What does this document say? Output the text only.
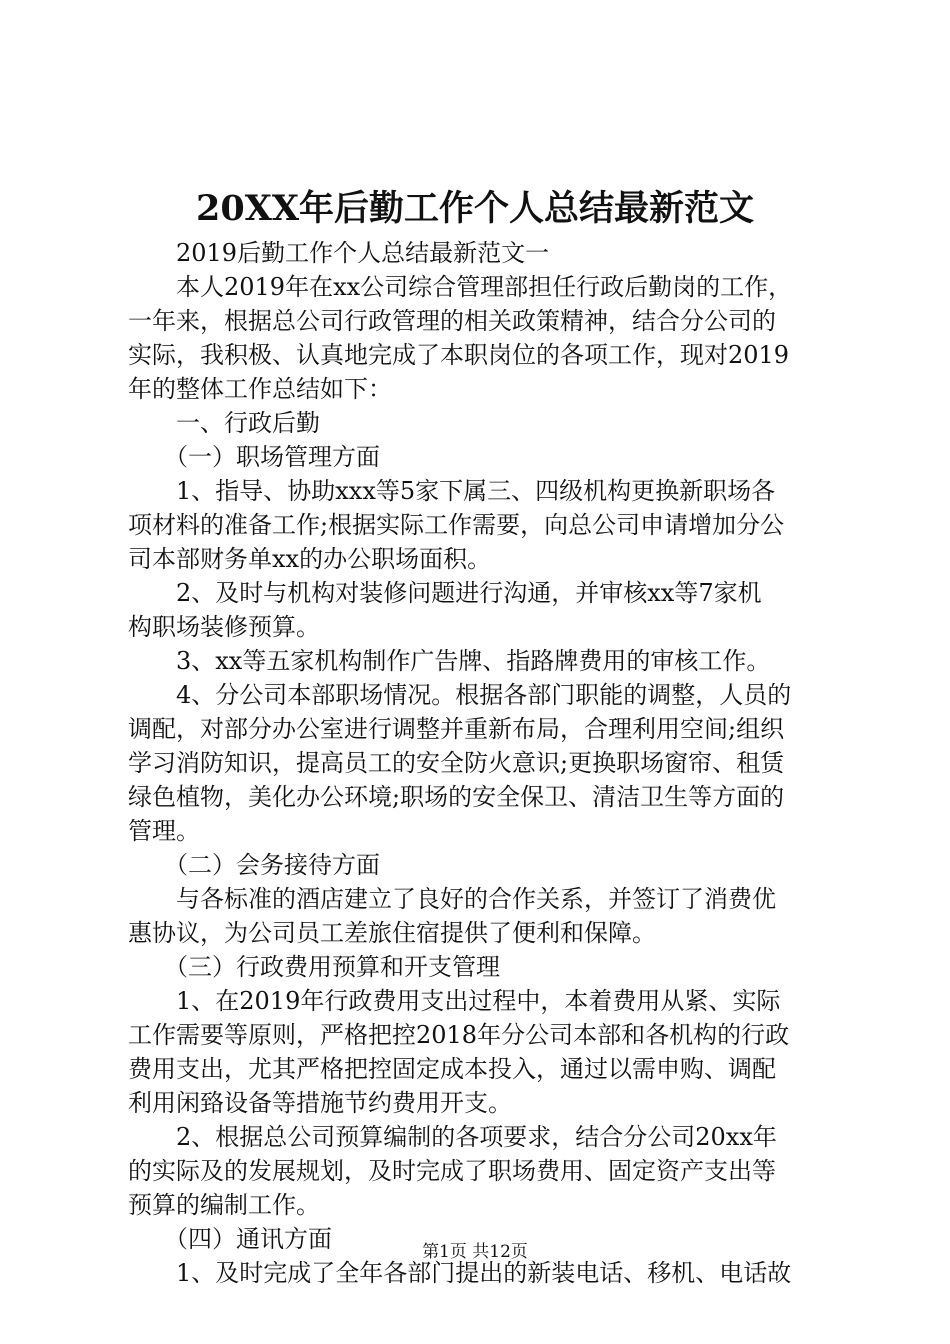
20XX年后勤工作个人总结最新范文
　　2019后勤工作个人总结最新范文一
　　本人2019年在xx公司综合管理部担任行政后勤岗的工作，
一年来，根据总公司行政管理的相关政策精神，结合分公司的
实际，我积极、认真地完成了本职岗位的各项工作，现对2019
年的整体工作总结如下：
　　一、行政后勤
　　（一）职场管理方面
　　1、指导、协助xxx等5家下属三、四级机构更换新职场各
项材料的准备工作;根据实际工作需要，向总公司申请增加分公
司本部财务单xx的办公职场面积。
　　2、及时与机构对装修问题进行沟通，并审核xx等7家机
构职场装修预算。
　　3、xx等五家机构制作广告牌、指路牌费用的审核工作。
　　4、分公司本部职场情况。根据各部门职能的调整，人员的
调配，对部分办公室进行调整并重新布局，合理利用空间;组织
学习消防知识，提高员工的安全防火意识;更换职场窗帘、租赁
绿色植物，美化办公环境;职场的安全保卫、清洁卫生等方面的
管理。
　　（二）会务接待方面
　　与各标准的酒店建立了良好的合作关系，并签订了消费优
惠协议，为公司员工差旅住宿提供了便利和保障。
　　（三）行政费用预算和开支管理
　　1、在2019年行政费用支出过程中，本着费用从紧、实际
工作需要等原则，严格把控2018年分公司本部和各机构的行政
费用支出，尤其严格把控固定成本投入，通过以需申购、调配
利用闲臵设备等措施节约费用开支。
　　2、根据总公司预算编制的各项要求，结合分公司20xx年
的实际及的发展规划，及时完成了职场费用、固定资产支出等
预算的编制工作。
　　（四）通讯方面
　　1、及时完成了全年各部门提出的新装电话、移机、电话故
第1页 共12页
